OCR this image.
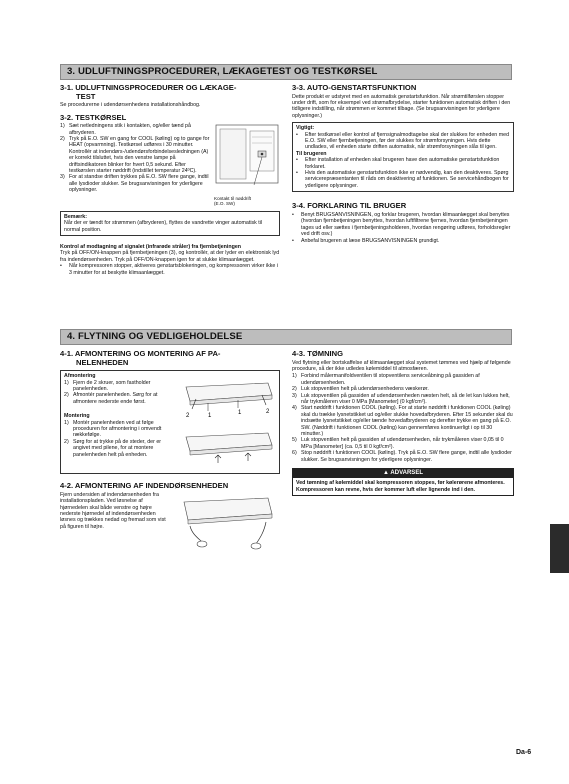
3. UDLUFTNINGSPROCEDURER, LÆKAGETEST OG TESTKØRSEL
3-1. UDLUFTNINGSPROCEDURER OG LÆKAGE-
TEST
Se procedurerne i udendørsenhedens installationshåndbog.
3-2. TESTKØRSEL
1) Sæt netledningens stik i kontakten, og/eller tænd på afbryderen.
2) Tryk på E.O. SW en gang for COOL (køling) og to gange for HEAT (opvarmning). Testkørsel udføres i 30 minutter. Kontrollér at indendørs-/udendørsforbindelsesledningen (A) er korrekt tilsluttet, hvis den venstre lampe på driftsindikatoren blinker for hvert 0,5 sekund. Efter testkørslen starter nøddrift (indstillet temperatur 24ºC).
3) For at standse driften trykkes på E.O. SW flere gange, indtil alle lysdioder slukker. Se brugsanvisningen for yderligere oplysninger.
Kontakt til nøddrift
(E.O. SW)
Bemærk:
Når der er tændt for strømmen (afbryderen), flyttes de vandrette vinger automatisk til normal position.
Kontrol af modtagning af signalet (infrarøde stråler) fra fjernbetjeningen
Tryk på OFF/ON-knappen på fjernbetjeningen (3), og kontrollér, at der lyder en elektronisk lyd fra indendørsenheden. Tryk på OFF/ON-knappen igen for at slukke klimaanlægget.
•	Når kompressoren stopper, aktiveres genstartsblokeringen, og kompressoren virker ikke i 3 minutter for at beskytte klimaanlægget.
3-3. AUTO-GENSTARTSFUNKTION
Dette produkt er udstyret med en automatisk genstartsfunktion. Når strømtilførslen stopper under drift, som for eksempel ved strømafbrydelse, starter funktionen automatisk driften i den tidligere indstilling, når strømmen er kommet tilbage. (Se brugsanvisningen for yderligere oplysninger.)
Vigtigt:
•	Efter testkørsel eller kontrol af fjernsignalmodtagelse skal der slukkes for enheden med E.O. SW eller fjernbetjeningen, før der slukkes for strømforsyningen. Hvis dette undlades, vil enheden starte driften automatisk, når strømforsyningen slås til igen.
Til brugeren
•	Efter installation af enheden skal brugeren have den automatiske genstartsfunktion forklaret.
•	Hvis den automatiske genstartsfunktion ikke er nødvendig, kan den deaktiveres. Spørg servicerepræsentanten til råds om deaktivering af funktionen. Se servicehåndbogen for yderligere oplysninger.
3-4. FORKLARING TIL BRUGER
•	Benyt BRUGSANVISNINGEN, og forklar brugeren, hvordan klimaanlægget skal benyttes (hvordan fjernbetjeningen benyttes, hvordan luftfiltrene fjernes, hvordan fjernbetjeningen tages ud eller sættes i fjernbetjeningsholderen, hvordan rengøring udføres, forholdsregler ved drift osv.)
•	Anbefal brugeren at læse BRUGSANVISNINGEN grundigt.
4. FLYTNING OG VEDLIGEHOLDELSE
4-1. AFMONTERING OG MONTERING AF PA-
NELENHEDEN
Afmontering
1) Fjern de 2 skruer, som fastholder panelenheden.
2) Afmontér panelenheden. Sørg for at afmontere nederste ende først.
Montering
1) Montér panelenheden ved at følge proceduren for afmontering i omvendt rækkefølge.
2) Sørg for at trykke på de steder, der er angivet med pilene, for at montere panelenheden helt på enheden.
2	1	1	2
4-2. AFMONTERING AF INDENDØRSENHEDEN
Fjern undersiden af indendørsenheden fra installationspladen. Ved løsnelse af hjørnedelen skal både venstre og højre nederste hjørnedel af indendørsenheden løsnes og trækkes nedad og fremad som vist på figuren til højre.
4-3. TØMNING
Ved flytning eller bortskaffelse af klimaanlægget skal systemet tømmes ved hjælp af følgende procedure, så der ikke udledes kølemiddel til atmosfæren.
1) Forbind målermanifoldventilen til stopventilens serviceåbning på gassiden af udendørsenheden.
2) Luk stopventilen helt på udendørsenhedens væskerør.
3) Luk stopventilen på gassiden af udendørsenheden næsten helt, så de let kan lukkes helt, når trykmåleren viser 0 MPa [Manometer] (0 kgf/cm²).
4) Start nøddrift i funktionen COOL (køling). For at starte nøddrift i funktionen COOL (køling) skal du trække lysnetstikket ud og/eller slukke hovedafbryderen. Efter 15 sekunder skal du indsætte lysnetstikket og/eller tænde hovedafbryderen og derefter trykke en gang på E.O. SW. (Nøddrift i funktionen COOL (køling) kan gennemføres kontinuerligt i op til 30 minutter.)
5) Luk stopventilen helt på gassiden af udendørsenheden, når trykmåleren viser 0,05 til 0 MPa [Manometer] (ca. 0,5 til 0 kgf/cm²).
6) Stop nøddrift i funktionen COOL (køling). Tryk på E.O. SW flere gange, indtil alle lysdioder slukker. Se brugsanvisningen for yderligere oplysninger.
▲ ADVARSEL
Ved tømning af kølemiddel skal kompressoren stoppes, før kølerørene afmonteres. Kompressoren kan revne, hvis der kommer luft eller lignende ind i den.
Da-6
